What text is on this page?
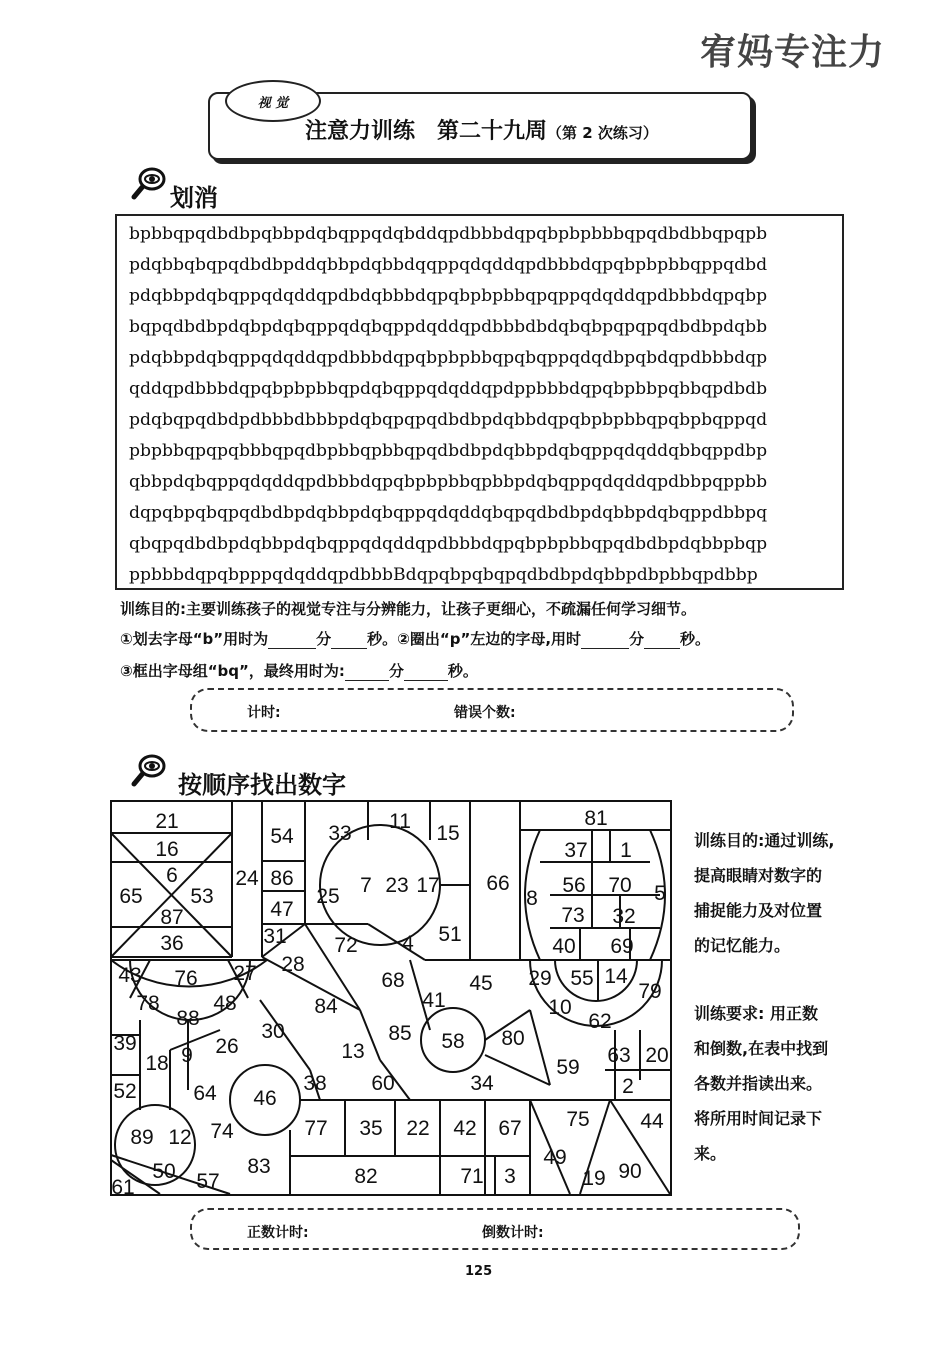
宥妈专注力
视 觉
注意力训练　第二十九周（第 2 次练习）
划消
bpbbqpqdbdbpqbbpdqbqppqdqbddqpdbbbdqpqbpbpbbbqpqdbdbbqpqpb
pdqbbqbqpqdbdbpddqbbpdqbbdqqppqdqddqpdbbbdqpqbpbpbbqppqdbd
pdqbbpdqbqppqdqddqpdbdqbbbdqpqbpbpbbqpqppqdqddqpdbbbdqpqbp
bqpqdbdbpdqbpdqbqppqdqbqppdqddqpdbbbdbdqbqbpqpqpqdbdbpdqbb
pdqbbpdqbqppqdqddqpdbbbdqpqbpbpbbqpqbqppqdqdbpqbdqpdbbbdqp
qddqpdbbbdqpqbpbpbbqpdqbqppqdqddqpdppbbbdqpqbpbbpqbbqpdbdb
pdqbqpqdbdpdbbbdbbbpdqbqpqpqdbdbpdqbbdqpqbpbpbbqpqbpbqppqd
pbpbbqpqpqbbbqpqdbpbbqpbbqpqdbdbpdqbbpdqbqppqdqddqbbqppdbp
qbbpdqbqppqdqddqpdbbbdqpqbpbpbbqpbbpdqbqppqdqddqpdbbpqppbb
dqpqbpqbqpqdbdbpdqbbpdqbqppqdqddqbqpqdbdbpdqbbpdqbqppdbbpq
qbqpqdbdbpdqbbpdqbqppqdqddqpdbbbdqpqbpbpbbqpqdbdbpdqbbpbqp
ppbbbdqpqbpppqdqddqpdbbbBdqpqbpqbqpqdbdbpdqbbpdbpbbqpdbbp
训练目的:主要训练孩子的视觉专注与分辨能力，让孩子更细心，不疏漏任何学习细节。
①划去字母“b”用时为	分 秒。②圈出“p”左边的字母,用时	分 秒。
③框出字母组“bq”，最终用时为:	分	秒。
计时:	错误个数:
按顺序找出数字
21
16
6
65 53
87
36
24
54 33
11
15
86
47
25 7 23 17 66
81
37 1
8
56 70 5
73 32
40 69
31 72 4 51
43 76 27 28
68	45 29 55 14
79
78
88
48	84	41	10
62
30	58 80
39
18 9 26	13
85
59
63 20
52	64 46
38 60	34	2
89 12 74	77 35 22 42 67 75 44
49
83
50 57	82	71 3	19 90
61
训练目的:通过训练,
提高眼睛对数字的
捕捉能力及对位置
的记忆能力。
训练要求: 用正数
和倒数,在表中找到
各数并指读出来。
将所用时间记录下
来。
正数计时:	倒数计时:
125
